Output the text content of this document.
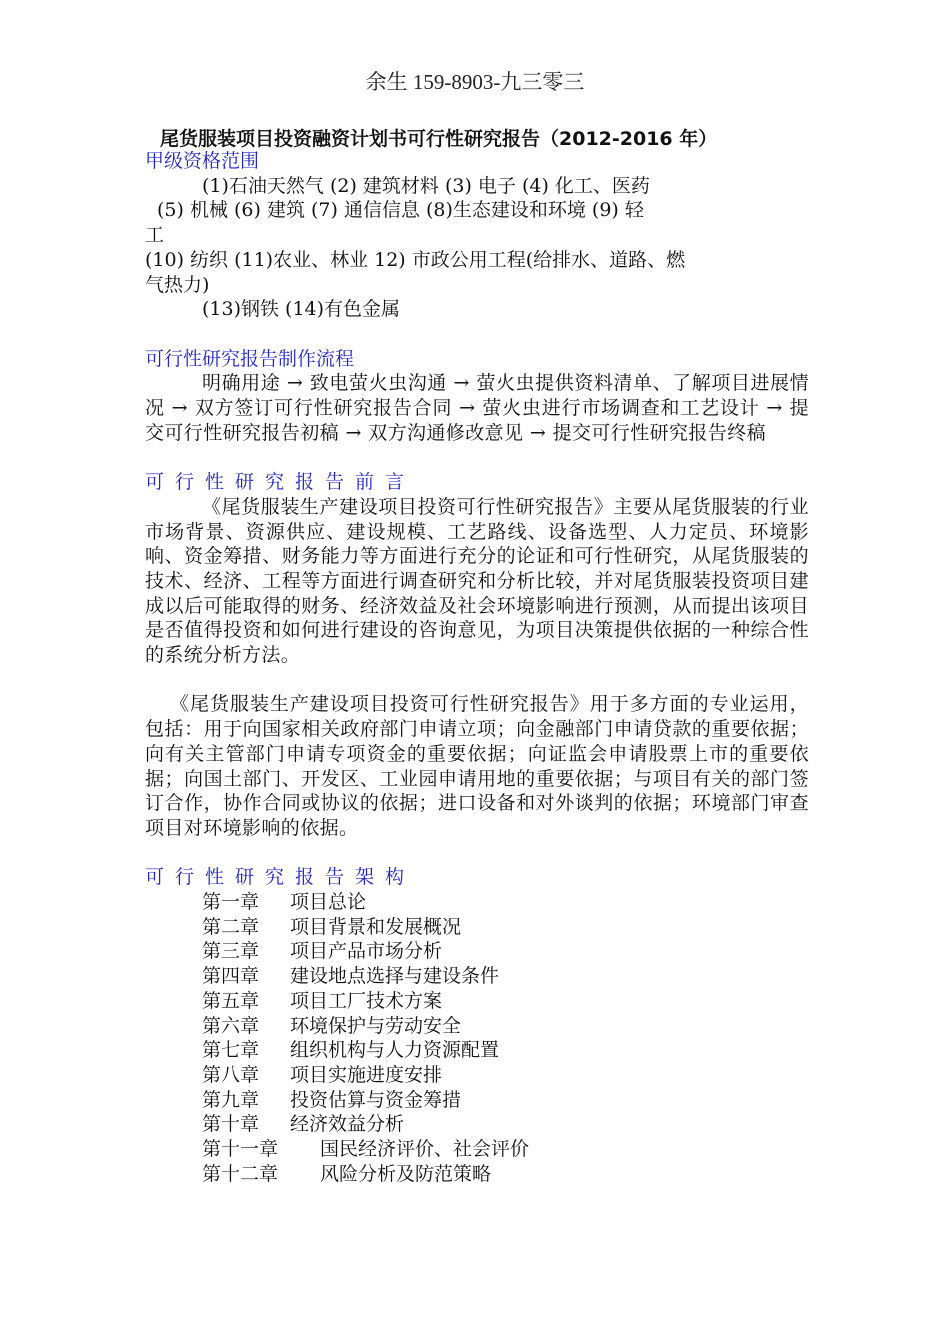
余生 159-8903-九三零三
尾货服装项目投资融资计划书可行性研究报告（2012-2016 年）
甲级资格范围
(1)石油天然气 (2) 建筑材料 (3) 电子 (4) 化工、医药
(5) 机械 (6) 建筑 (7) 通信信息 (8)生态建设和环境 (9) 轻
工
(10) 纺织 (11)农业、林业 12) 市政公用工程(给排水、道路、燃
气热力)
(13)钢铁 (14)有色金属
可行性研究报告制作流程
明确用途 → 致电萤火虫沟通 → 萤火虫提供资料清单、了解项目进展情况 → 双方签订可行性研究报告合同 → 萤火虫进行市场调查和工艺设计 → 提交可行性研究报告初稿 → 双方沟通修改意见 → 提交可行性研究报告终稿
可行性研究报告前言
《尾货服装生产建设项目投资可行性研究报告》主要从尾货服装的行业市场背景、资源供应、建设规模、工艺路线、设备选型、人力定员、环境影响、资金筹措、财务能力等方面进行充分的论证和可行性研究，从尾货服装的技术、经济、工程等方面进行调查研究和分析比较，并对尾货服装投资项目建成以后可能取得的财务、经济效益及社会环境影响进行预测，从而提出该项目是否值得投资和如何进行建设的咨询意见，为项目决策提供依据的一种综合性的系统分析方法。
《尾货服装生产建设项目投资可行性研究报告》用于多方面的专业运用，包括：用于向国家相关政府部门申请立项；向金融部门申请贷款的重要依据；向有关主管部门申请专项资金的重要依据；向证监会申请股票上市的重要依据；向国土部门、开发区、工业园申请用地的重要依据；与项目有关的部门签订合作，协作合同或协议的依据；进口设备和对外谈判的依据；环境部门审查项目对环境影响的依据。
可行性研究报告架构
第一章 项目总论
第二章 项目背景和发展概况
第三章 项目产品市场分析
第四章 建设地点选择与建设条件
第五章 项目工厂技术方案
第六章 环境保护与劳动安全
第七章 组织机构与人力资源配置
第八章 项目实施进度安排
第九章 投资估算与资金筹措
第十章 经济效益分析
第十一章 国民经济评价、社会评价
第十二章 风险分析及防范策略
